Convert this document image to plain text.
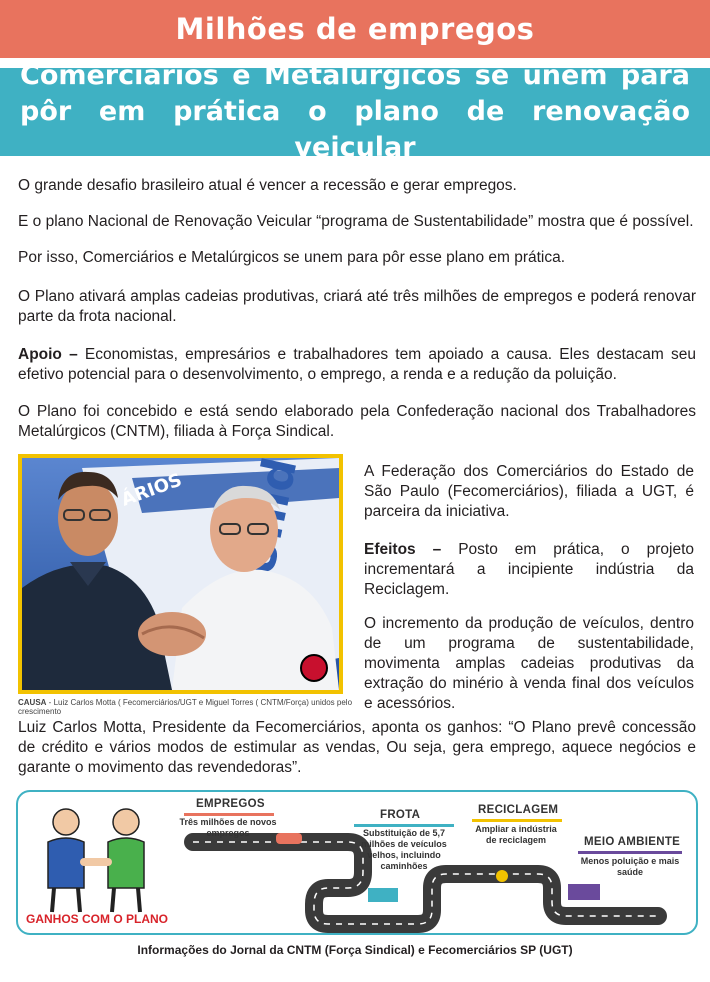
Milhões de empregos
Comerciários e Metalúrgicos se unem para pôr em prática o plano de renovação veicular

O grande desafio brasileiro atual é vencer a recessão e gerar empregos.

E o plano Nacional de Renovação Veicular “programa de Sustentabilidade” mostra que é possível.

Por isso, Comerciários e Metalúrgicos se unem para pôr esse plano em prática.

O Plano ativará amplas cadeias produtivas, criará até três milhões de empregos e poderá renovar parte da frota nacional.

Apoio – Economistas, empresários e trabalhadores tem apoiado a causa. Eles destacam seu efetivo potencial para o desenvolvimento, o emprego, a renda e a redução da poluição.

O Plano foi concebido e está sendo elaborado pela Confederação nacional dos Trabalhadores Metalúrgicos (CNTM), filiada à Força Sindical.

ÁRIOS
CAUSA - Luiz Carlos Motta ( Fecomerciários/UGT e Miguel Torres ( CNTM/Força) unidos pelo crescimento

A Federação dos Comerciários do Estado de São Paulo (Fecomerciários), filiada a UGT, é parceira da iniciativa.

Efeitos – Posto em prática, o projeto incrementará a incipiente indústria da Reciclagem.

O incremento da produção de veículos, dentro de um programa de sustentabilidade, movimenta amplas cadeias produtivas da extração do minério à venda final dos veículos e acessórios.

Luiz Carlos Motta, Presidente da Fecomerciários, aponta os ganhos: “O Plano prevê concessão de crédito e vários modos de estimular as vendas, Ou seja, gera emprego, aquece negócios e garante o movimento das revendedoras”.

EMPREGOS
Três milhões de novos empregos
FROTA
Substituição de 5,7 milhões de veículos velhos, incluindo caminhões
RECICLAGEM
Ampliar a indústria de reciclagem	MEIO AMBIENTE
Menos poluição e mais saúde
GANHOS COM O PLANO
Informações do Jornal da CNTM (Força Sindical) e Fecomerciários SP (UGT)
